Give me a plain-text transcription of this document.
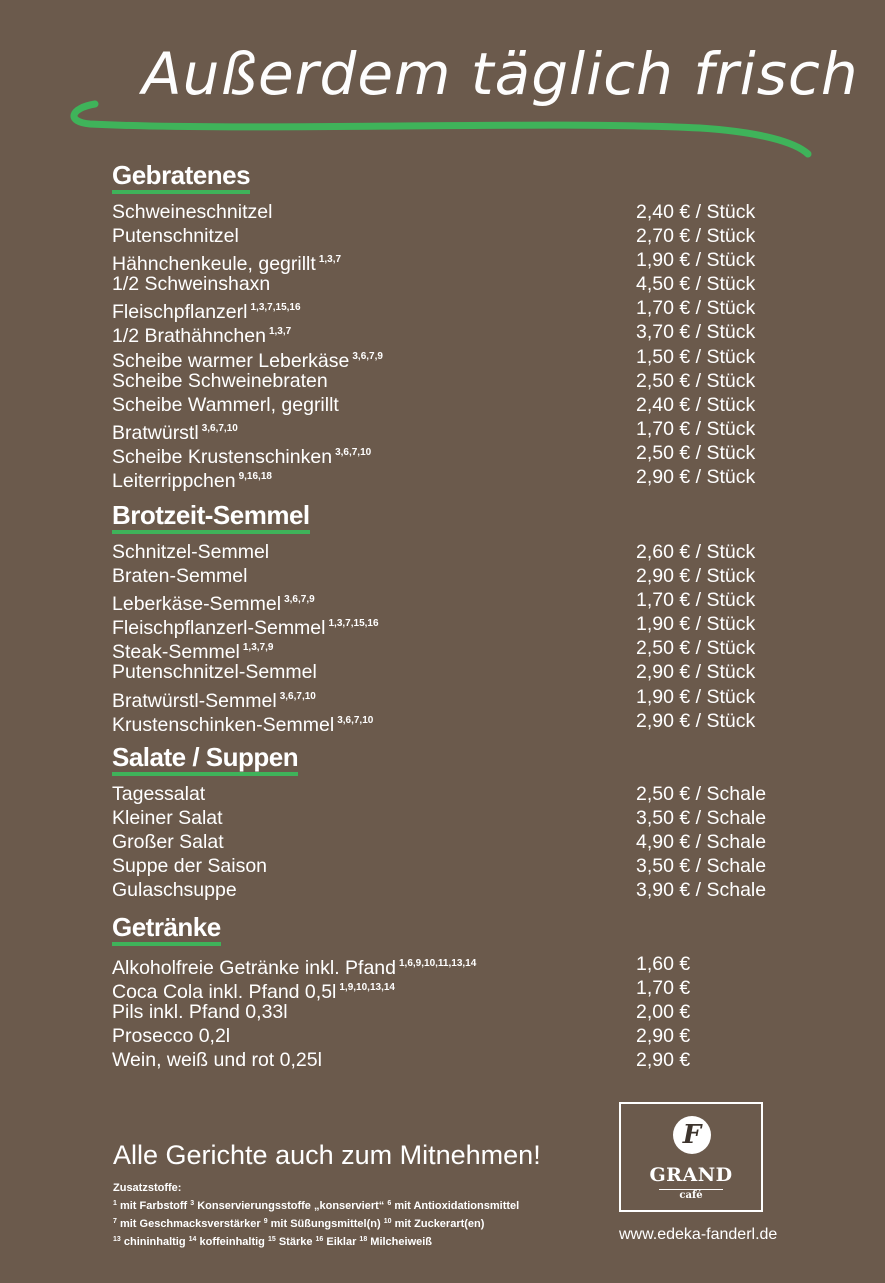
Außerdem täglich frisch
Gebratenes
Schweineschnitzel	2,40 € / Stück
Putenschnitzel	2,70 € / Stück
Hähnchenkeule, gegrillt $^{1,3,7}$	1,90 € / Stück
1/2 Schweinshaxn	4,50 € / Stück
Fleischpflanzerl $^{1,3,7,15,16}$	1,70 € / Stück
1/2 Brathähnchen $^{1,3,7}$	3,70 € / Stück
Scheibe warmer Leberkäse $^{3,6,7,9}$	1,50 € / Stück
Scheibe Schweinebraten	2,50 € / Stück
Scheibe Wammerl, gegrillt	2,40 € / Stück
Bratwürstl $^{3,6,7,10}$	1,70 € / Stück
Scheibe Krustenschinken $^{3,6,7,10}$	2,50 € / Stück
Leiterrippchen $^{9,16,18}$	2,90 € / Stück
Brotzeit-Semmel
Schnitzel-Semmel	2,60 € / Stück
Braten-Semmel	2,90 € / Stück
Leberkäse-Semmel $^{3,6,7,9}$	1,70 € / Stück
Fleischpflanzerl-Semmel $^{1,3,7,15,16}$	1,90 € / Stück
Steak-Semmel $^{1,3,7,9}$	2,50 € / Stück
Putenschnitzel-Semmel	2,90 € / Stück
Bratwürstl-Semmel $^{3,6,7,10}$	1,90 € / Stück
Krustenschinken-Semmel $^{3,6,7,10}$	2,90 € / Stück
Salate / Suppen
Tagessalat	2,50 € / Schale
Kleiner Salat	3,50 € / Schale
Großer Salat	4,90 € / Schale
Suppe der Saison	3,50 € / Schale
Gulaschsuppe	3,90 € / Schale
Getränke
Alkoholfreie Getränke inkl. Pfand $^{1,6,9,10,11,13,14}$	1,60 €
Coca Cola inkl. Pfand 0,5l $^{1,9,10,13,14}$	1,70 €
Pils inkl. Pfand 0,33l	2,00 €
Prosecco 0,2l	2,90 €
Wein, weiß und rot 0,25l	2,90 €
Alle Gerichte auch zum Mitnehmen!
Zusatzstoffe:
$^1$ mit Farbstoff $^3$ Konservierungsstoffe „konserviert“ $^6$ mit Antioxidationsmittel
$^7$ mit Geschmacksverstärker $^9$ mit Süßungsmittel(n) $^{10}$ mit Zuckerart(en)
$^{13}$ chininhaltig $^{14}$ koffeinhaltig $^{15}$ Stärke $^{16}$ Eiklar $^{18}$ Milcheiweiß
F
GRAND
café
www.edeka-fanderl.de
